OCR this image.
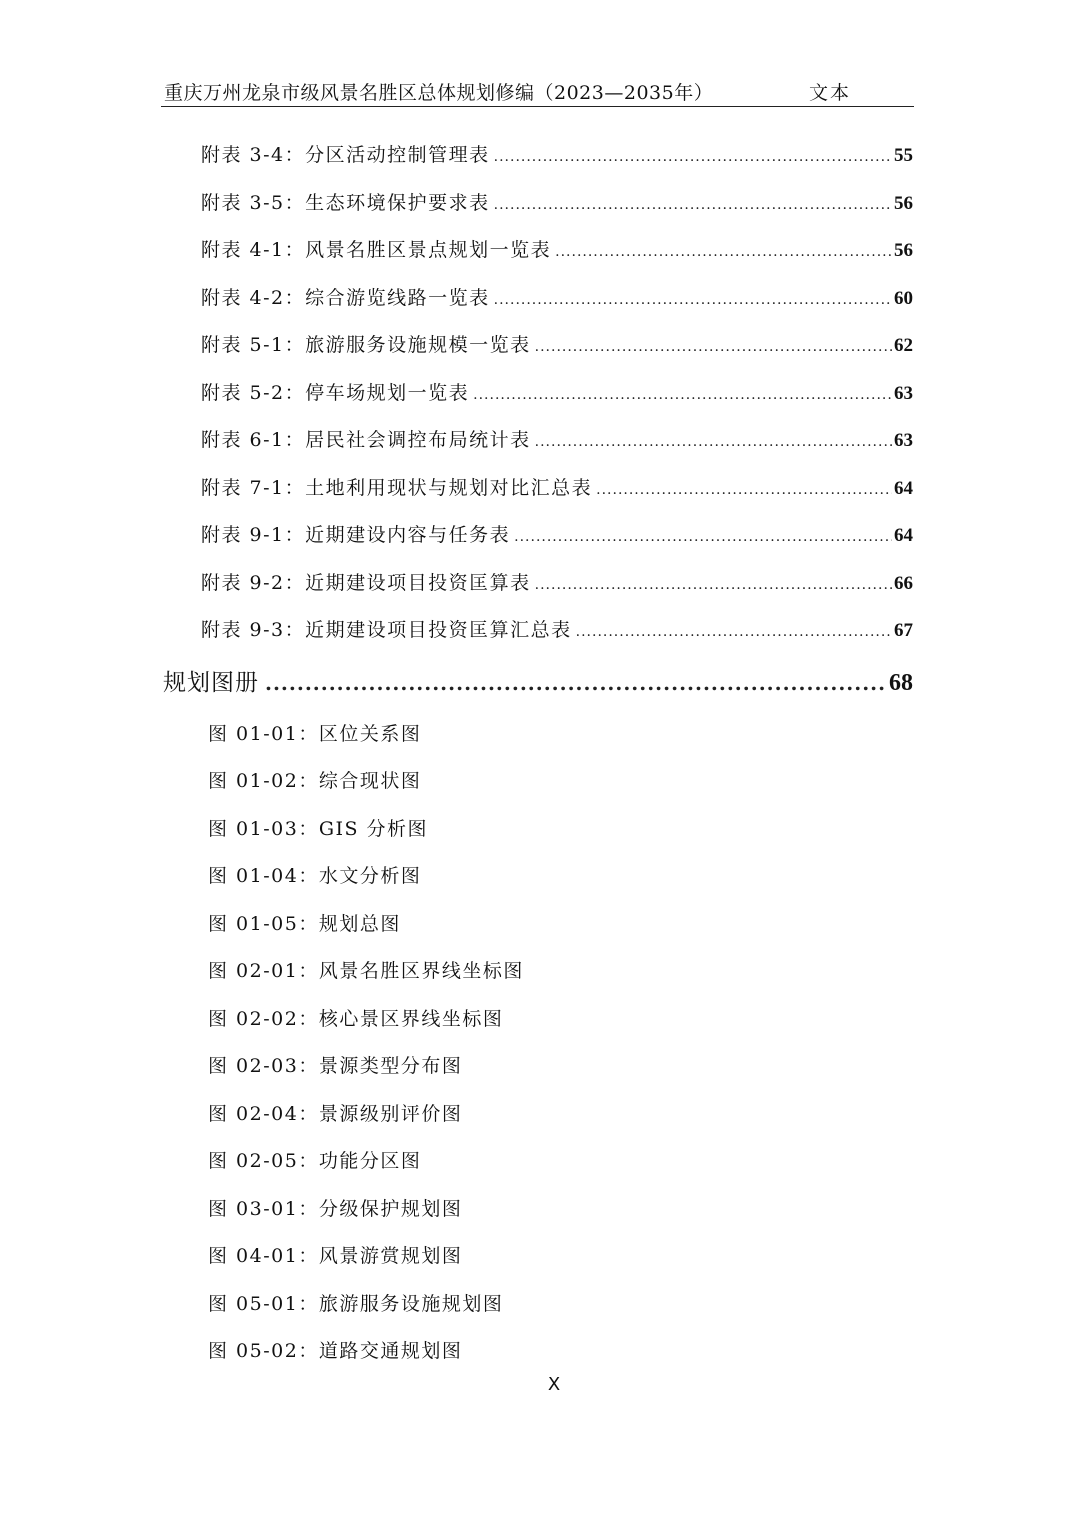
重庆万州龙泉市级风景名胜区总体规划修编（2023—2035年）	文本
附表 3-4：分区活动控制管理表 .....	55
附表 3-5：生态环境保护要求表 .....	56
附表 4-1：风景名胜区景点规划一览表 .....	56
附表 4-2：综合游览线路一览表 .....	60
附表 5-1：旅游服务设施规模一览表 .....	62
附表 5-2：停车场规划一览表 .....	63
附表 6-1：居民社会调控布局统计表 .....	63
附表 7-1：土地利用现状与规划对比汇总表 .....	64
附表 9-1：近期建设内容与任务表 .....	64
附表 9-2：近期建设项目投资匡算表 .....	66
附表 9-3：近期建设项目投资匡算汇总表 .....	67
规划图册 .....	68
图 01-01：区位关系图
图 01-02：综合现状图
图 01-03：GIS 分析图
图 01-04：水文分析图
图 01-05：规划总图
图 02-01：风景名胜区界线坐标图
图 02-02：核心景区界线坐标图
图 02-03：景源类型分布图
图 02-04：景源级别评价图
图 02-05：功能分区图
图 03-01：分级保护规划图
图 04-01：风景游赏规划图
图 05-01：旅游服务设施规划图
图 05-02：道路交通规划图
X
